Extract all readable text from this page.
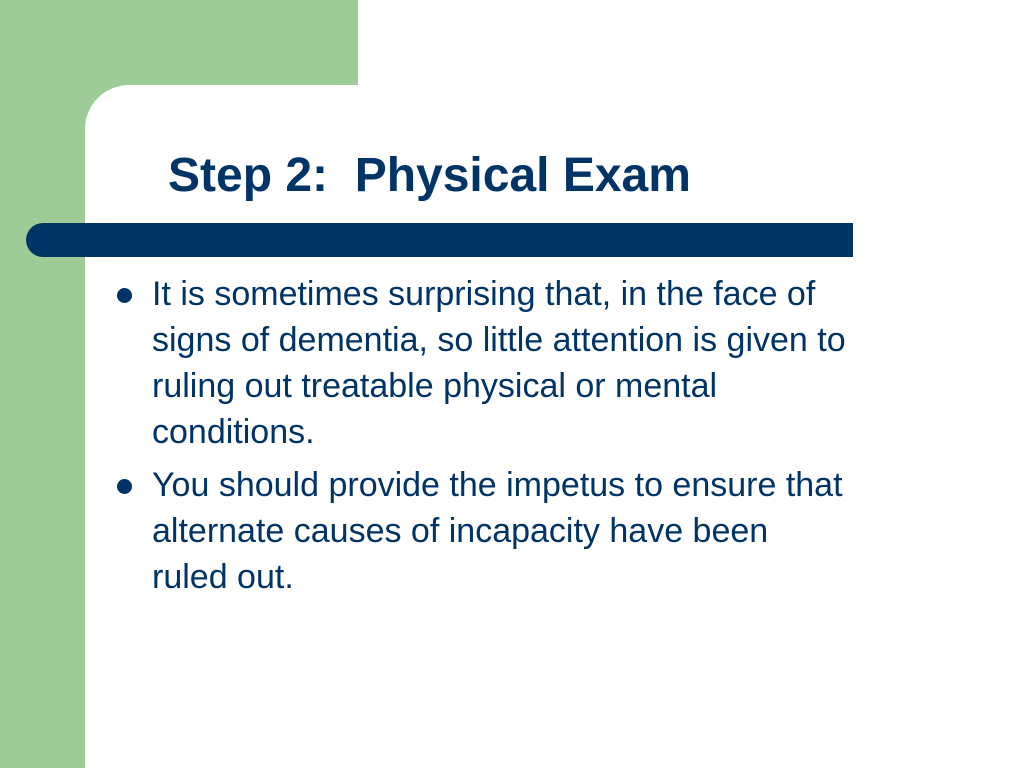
Step 2:  Physical Exam
It is sometimes surprising that, in the face of signs of dementia, so little attention is given to ruling out treatable physical or mental conditions.
You should provide the impetus to ensure that alternate causes of incapacity have been ruled out.
